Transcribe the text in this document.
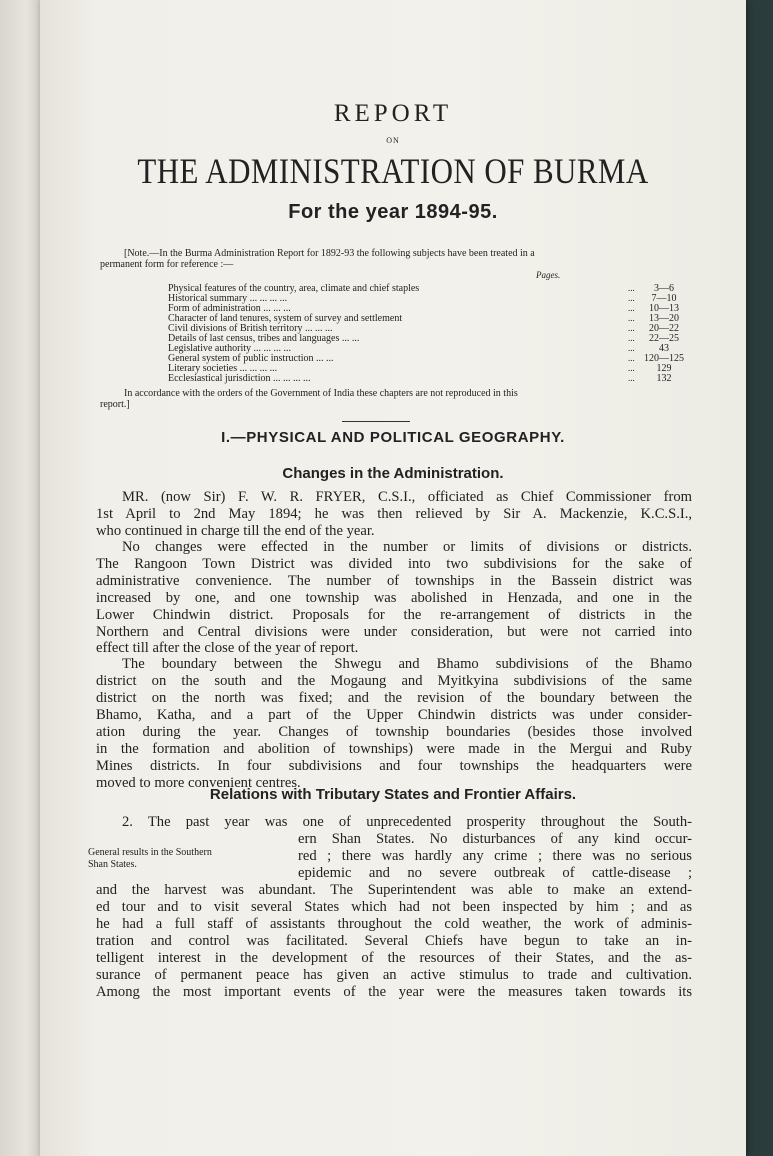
REPORT
ON
THE ADMINISTRATION OF BURMA
For the year 1894-95.
[Note.—In the Burma Administration Report for 1892-93 the following subjects have been treated in a
permanent form for reference :—
Pages.
Physical features of the country, area, climate and chief staples	...	3—6
Historical summary ... ... ... ...	...	7—10
Form of administration ... ... ...	...	10—13
Character of land tenures, system of survey and settlement	...	13—20
Civil divisions of British territory ... ... ...	...	20—22
Details of last census, tribes and languages ... ...	...	22—25
Legislative authority ... ... ... ...	...	43
General system of public instruction ... ...	... 120—125
Literary societies ... ... ... ...	...	129
Ecclesiastical jurisdiction ... ... ... ...	...	132
In accordance with the orders of the Government of India these chapters are not reproduced in this
report.]
I.—PHYSICAL AND POLITICAL GEOGRAPHY.
Changes in the Administration.
MR. (now Sir) F. W. R. FRYER, C.S.I., officiated as Chief Commissioner from
1st April to 2nd May 1894; he was then relieved by Sir A. Mackenzie, K.C.S.I.,
who continued in charge till the end of the year.
No changes were effected in the number or limits of divisions or districts.
The Rangoon Town District was divided into two subdivisions for the sake of
administrative convenience. The number of townships in the Bassein district was
increased by one, and one township was abolished in Henzada, and one in the
Lower Chindwin district. Proposals for the re-arrangement of districts in the
Northern and Central divisions were under consideration, but were not carried into
effect till after the close of the year of report.
The boundary between the Shwegu and Bhamo subdivisions of the Bhamo
district on the south and the Mogaung and Myitkyina subdivisions of the same
district on the north was fixed; and the revision of the boundary between the
Bhamo, Katha, and a part of the Upper Chindwin districts was under consider-
ation during the year. Changes of township boundaries (besides those involved
in the formation and abolition of townships) were made in the Mergui and Ruby
Mines districts. In four subdivisions and four townships the headquarters were
moved to more convenient centres.
Relations with Tributary States and Frontier Affairs.
2. The past year was one of unprecedented prosperity throughout the South-
General results in the Southern
Shan States.
ern Shan States. No disturbances of any kind occur-
red ; there was hardly any crime ; there was no serious
epidemic and no severe outbreak of cattle-disease ;
and the harvest was abundant. The Superintendent was able to make an extend-
ed tour and to visit several States which had not been inspected by him ; and as
he had a full staff of assistants throughout the cold weather, the work of adminis-
tration and control was facilitated. Several Chiefs have begun to take an in-
telligent interest in the development of the resources of their States, and the as-
surance of permanent peace has given an active stimulus to trade and cultivation.
Among the most important events of the year were the measures taken towards its
